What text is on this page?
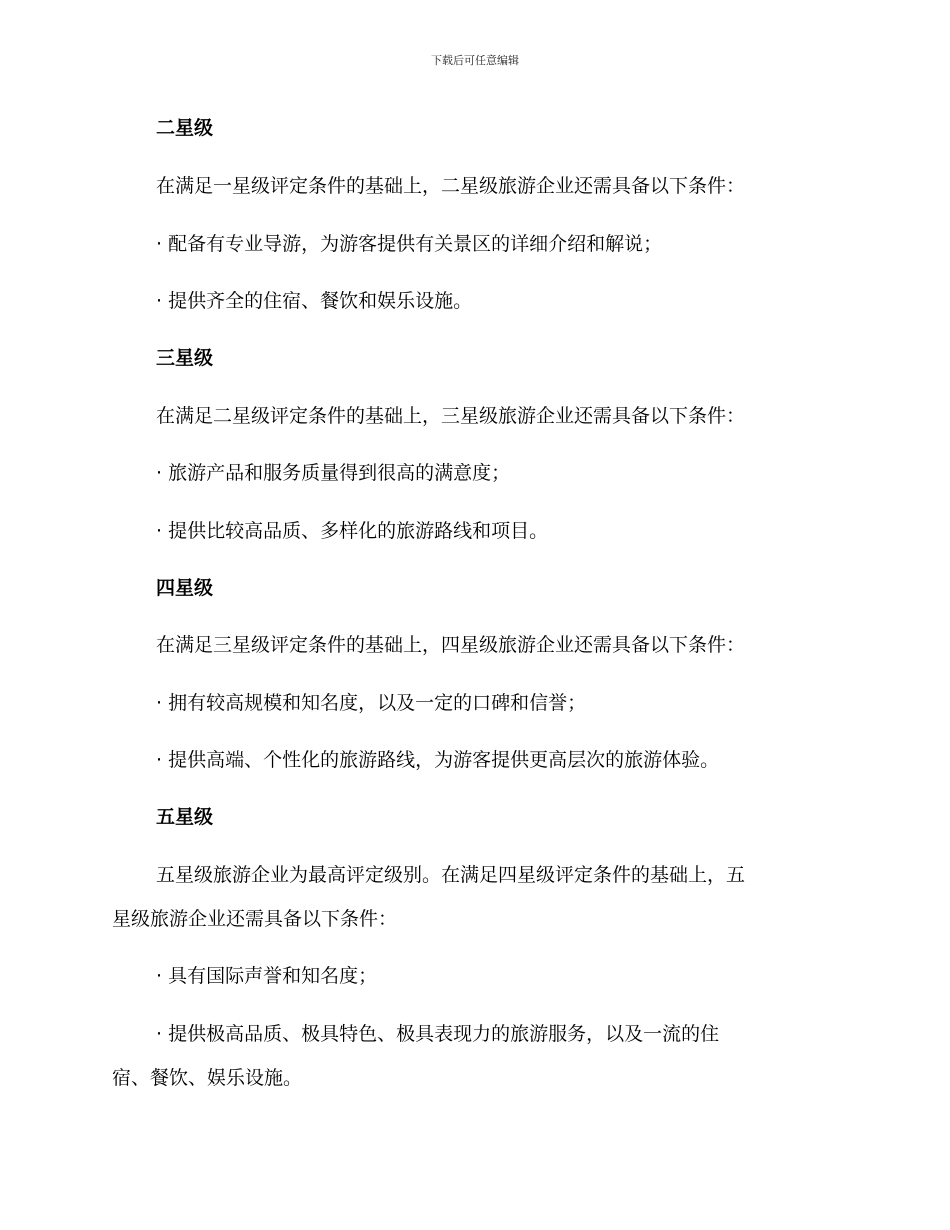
下载后可任意编辑
二星级
在满足一星级评定条件的基础上，二星级旅游企业还需具备以下条件：
· 配备有专业导游，为游客提供有关景区的详细介绍和解说；
· 提供齐全的住宿、餐饮和娱乐设施。
三星级
在满足二星级评定条件的基础上，三星级旅游企业还需具备以下条件：
· 旅游产品和服务质量得到很高的满意度；
· 提供比较高品质、多样化的旅游路线和项目。
四星级
在满足三星级评定条件的基础上，四星级旅游企业还需具备以下条件：
· 拥有较高规模和知名度，以及一定的口碑和信誉；
· 提供高端、个性化的旅游路线，为游客提供更高层次的旅游体验。
五星级
五星级旅游企业为最高评定级别。在满足四星级评定条件的基础上，五
星级旅游企业还需具备以下条件：
· 具有国际声誉和知名度；
· 提供极高品质、极具特色、极具表现力的旅游服务，以及一流的住
宿、餐饮、娱乐设施。
